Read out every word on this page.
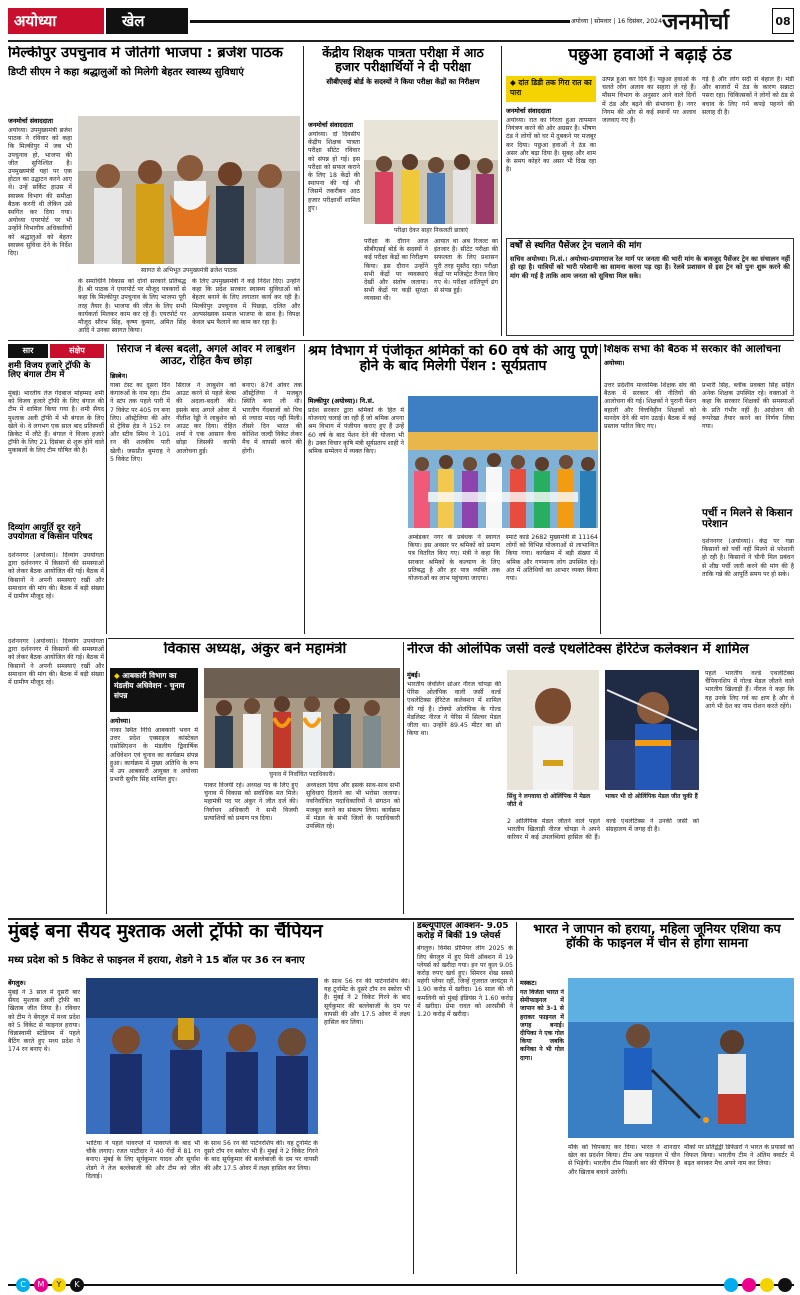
अयोध्या	खेल	अयोध्या | सोमवार | 16 दिसंबर, 2024 जनमोर्चा	08
मिल्कीपुर उपचुनाव में जीतेगी भाजपा : ब्रजेश पाठक
डिप्टी सीएम ने कहा श्रद्धालुओं को मिलेगी बेहतर स्वास्थ्य सुविधाएं
जनमोर्चा संवाददाता
अयोध्या। उपमुख्यमंत्री ब्रजेश पाठक ने रविवार को कहा कि मिल्कीपुर में जब भी उपचुनाव हो, भाजपा की जीत सुनिश्चित है। उपमुख्यमंत्री यहां पर एक होटल का उद्घाटन करने आए थे। उन्हें सर्किट हाउस में स्वास्थ्य विभाग की समीक्षा बैठक करनी थी लेकिन उसे स्थगित कर दिया गया। अयोध्या एयरपोर्ट पर भी उन्होंने विभागीय अधिकारियों को श्रद्धालुओं को बेहतर स्वास्थ्य सुविधा देने के निर्देश दिए।
स्वागत से अभिभूत उपमुख्यमंत्री ब्रजेश पाठक
के समाधिनि विकास को दोनों सरकारें प्रतिबद्ध हैं। श्री पाठक ने एयरपोर्ट पर मौजूद पत्रकारों से कहा कि मिल्कीपुर उपचुनाव के लिए भाजपा पूरी तरह तैयार है। भाजपा की जीत के लिए सभी कार्यकर्ता मिलकर काम कर रहे हैं। एयरपोर्ट पर मौजूद सौरभ सिंह, कृष्ण कुमार, अमित सिंह आदि ने उनका स्वागत किया।
के लिए उपमुख्यमंत्री ने कई निर्देश दिए। उन्होंने कहा कि प्रदेश सरकार स्वास्थ्य सुविधाओं को बेहतर बनाने के लिए लगातार कार्य कर रही है। मिल्कीपुर उपचुनाव में पिछड़ा, दलित और अल्पसंख्यक समाज भाजपा के साथ है। विपक्ष केवल भ्रम फैलाने का काम कर रहा है।
केंद्रीय शिक्षक पात्रता परीक्षा में आठ हजार परीक्षार्थियों ने दी परीक्षा
सीबीएसई बोर्ड के सदस्यों ने किया परीक्षा केंद्रों का निरीक्षण
जनमोर्चा संवाददाता
अयोध्या। दो दिवसीय केंद्रीय शिक्षक पात्रता परीक्षा सीटेट रविवार को संपन्न हो गई। इस परीक्षा को सफल कराने के लिए 18 केंद्रों की स्थापना की गई थी जिसमें तकरीबन आठ हजार परीक्षार्थी शामिल हुए।
परीक्षा देकर बाहर निकलती छात्राएं
परीक्षा के दौरान आज सीबीएसई बोर्ड के सदस्यों ने कई परीक्षा केंद्रों का निरीक्षण किया। इस दौरान उन्होंने सभी केंद्रों पर व्यवस्थाएं देखीं और संतोष जताया। सभी केंद्रों पर कड़ी सुरक्षा व्यवस्था थी।
आयात था अब रिजल्ट का इंतजार है। सीटेट परीक्षा की सफलता के लिए प्रशासन पूरी तरह मुस्तैद रहा। परीक्षा केंद्रों पर मजिस्ट्रेट तैनात किए गए थे। परीक्षा शांतिपूर्ण ढंग से संपन्न हुई।
पछुआ हवाओं ने बढ़ाई ठंड
◆ दांत डिडी तक गिरा रात का पारा
जनमोर्चा संवाददाता
अयोध्या। रात का गिरता हुआ तापमान नियंत्रण करने की ओर अग्रसर है। भीषण ठंड ने लोगों को घर में दुबकने पर मजबूर कर दिया। पछुआ हवाओं ने ठंड का असर और बढ़ा दिया है। सुबह और शाम के समय कोहरे का असर भी दिख रहा है।
उत्पन्न हुआ कर दिये हैं। पछुआ हवाओं के चलते लोग अलाव का सहारा ले रहे हैं। मौसम विभाग के अनुसार आने वाले दिनों में ठंड और बढ़ने की संभावना है। नगर निगम की ओर से कई स्थानों पर अलाव जलवाए गए हैं।
गई है और लोग सर्दी से बेहाल हैं। मंडी और बाजारों में ठंड के कारण सन्नाटा पसरा रहा। चिकित्सकों ने लोगों को ठंड से बचाव के लिए गर्म कपड़े पहनने की सलाह दी है।
वर्षों से स्थगित पैसेंजर ट्रेन चलाने की मांग
सचिव अयोध्या। नि.सं.। अयोध्या-प्रयागराज रेल मार्ग पर जनता की भारी मांग के बावजूद पैसेंजर ट्रेन का संचालन नहीं हो रहा है। यात्रियों को भारी परेशानी का सामना करना पड़ रहा है। रेलवे प्रशासन से इस ट्रेन को पुनः शुरू करने की मांग की गई है ताकि आम जनता को सुविधा मिल सके।
सार	संक्षेप
शमी विजय हजारे ट्रॉफी के लिए बंगाल टीम में
मुंबई। भारतीय तेज गेंदबाज मोहम्मद शमी को विजय हजारे ट्रॉफी के लिए बंगाल की टीम में शामिल किया गया है। शमी सैयद मुश्ताक अली ट्रॉफी में भी बंगाल के लिए खेले थे। वे लगभग एक साल बाद प्रतिस्पर्धी क्रिकेट में लौटे हैं। बंगाल ने विजय हजारे ट्रॉफी के लिए 21 दिसंबर से शुरू होने वाले मुकाबलों के लिए टीम घोषित की है।
दिव्यांग आयुर्ति दूर रहने उपयोगता व किसान परिषद
दर्शननगर (अयोध्या)। दिव्यांग उपयोगता द्वारा दर्शननगर में किसानों की समस्याओं को लेकर बैठक आयोजित की गई। बैठक में किसानों ने अपनी समस्याएं रखीं और समाधान की मांग की। बैठक में बड़ी संख्या में ग्रामीण मौजूद रहे।
सिराज ने बेल्स बदलीं, अगले ओवर में लाबुशेन आउट, रोहित कैच छोड़ा
ब्रिस्बेन।
गाबा टेस्ट का दूसरा दिन कंगारुओं के नाम रहा। टीम ने स्टंप तक पहले पारी में 7 विकेट पर 405 रन बना लिए। ऑस्ट्रेलिया की ओर से ट्रेविस हेड ने 152 रन और स्टीव स्मिथ ने 101 रन की शतकीय पारी खेली। जसप्रीत बुमराह ने 5 विकेट लिए।
सिराज ने लाबुशेन को आउट करने से पहले बेल्स की अदला-बदली की। इसके बाद अगले ओवर में नीतीश रेड्डी ने लाबुशेन को आउट कर दिया। रोहित शर्मा ने एक आसान कैच छोड़ा जिसकी काफी आलोचना हुई।
बनाए। 87वें ओवर तक ऑस्ट्रेलिया ने मजबूत स्थिति बना ली थी। भारतीय गेंदबाजों को पिच से ज्यादा मदद नहीं मिली। तीसरे दिन भारत की कोशिश जल्दी विकेट लेकर मैच में वापसी करने की होगी।
श्रम विभाग में पंजीकृत श्रमिकों को 60 वर्ष की आयु पूर्ण होने के बाद मिलेगी पेंशन : सूर्यप्रताप
मिल्कीपुर (अयोध्या)। नि.सं.
प्रदेश सरकार द्वारा श्रमिकों के हित में योजनाएं चलाई जा रही हैं जो श्रमिक अपना श्रम विभाग में पंजीयन कराए हुए हैं उन्हें 60 वर्ष के बाद पेंशन देने की योजना भी है। उक्त विचार कृषि मंत्री सूर्यप्रताप शाही ने श्रमिक सम्मेलन में व्यक्त किए।
अम्बेडकर नगर के प्रबंधक ने स्वागत किया। इस अवसर पर श्रमिकों को प्रमाण पत्र वितरित किए गए। मंत्री ने कहा कि सरकार श्रमिकों के कल्याण के लिए प्रतिबद्ध है और हर पात्र व्यक्ति तक योजनाओं का लाभ पहुंचाया जाएगा।
स्मार्ट कार्ड 2682 मुख्यमंत्री से 11164 लोगों को विभिन्न योजनाओं से लाभान्वित किया गया। कार्यक्रम में बड़ी संख्या में श्रमिक और गणमान्य लोग उपस्थित रहे। अंत में अतिथियों का आभार व्यक्त किया गया।
शिक्षक सभा की बैठक में सरकार की आलोचना
अयोध्या।
उत्तर प्रदेशीय माध्यमिक शिक्षक संघ की बैठक में सरकार की नीतियों की आलोचना की गई। शिक्षकों ने पुरानी पेंशन बहाली और वित्तविहीन शिक्षकों को मानदेय देने की मांग उठाई। बैठक में कई प्रस्ताव पारित किए गए।
प्रभारी सिंह, ब्लॉक प्रवक्ता सिंह सहित अनेक शिक्षक उपस्थित रहे। वक्ताओं ने कहा कि सरकार शिक्षकों की समस्याओं के प्रति गंभीर नहीं है। आंदोलन की रूपरेखा तैयार करने का निर्णय लिया गया।
पर्ची न मिलने से किसान परेशान
दर्शननगर (अयोध्या)। केंद्र पर गन्ना किसानों को पर्ची नहीं मिलने से परेशानी हो रही है। किसानों ने चीनी मिल प्रबंधन से शीघ्र पर्ची जारी करने की मांग की है ताकि गन्ने की आपूर्ति समय पर हो सके।
दर्शननगर (अयोध्या)। दिव्यांग उपयोगता द्वारा दर्शननगर में किसानों की समस्याओं को लेकर बैठक आयोजित की गई। बैठक में किसानों ने अपनी समस्याएं रखीं और समाधान की मांग की। बैठक में बड़ी संख्या में ग्रामीण मौजूद रहे।
विकास अध्यक्ष, अंकुर बने महामंत्री
◆ आबकारी विभाग का मंडलीय अधिवेशन - चुनाव संपन्न
अयोध्या।
नाका स्थित निधि आबकारी भवन में उत्तर प्रदेश एक्साइज कांस्टेबल एसोसिएशन के मंडलीय द्विवार्षिक अधिवेशन एवं चुनाव का कार्यक्रम संपन्न हुआ। कार्यक्रम में मुख्य अतिथि के रूप में उप आबकारी आयुक्त व अयोध्या प्रभारी सुधीर सिंह शामिल हुए।
चुनाव में निर्वाचित पदाधिकारी।
पाकर विजयी रहे। अध्यक्ष पद के लिए हुए चुनाव में विकास को सर्वाधिक मत मिले। महामंत्री पद पर अंकुर ने जीत दर्ज की। निर्वाचन अधिकारी ने सभी विजयी प्रत्याशियों को प्रमाण पत्र दिया।
अध्यक्षता दिया और इसके साथ-साथ सभी सुविधाएं दिलाने का भी भरोसा जताया। नवनिर्वाचित पदाधिकारियों ने संगठन को मजबूत करने का संकल्प लिया। कार्यक्रम में मंडल के सभी जिलों के पदाधिकारी उपस्थित रहे।
नीरज की ओलंपिक जर्सी वर्ल्ड एथलेटिक्स हेरिटेज कलेक्शन में शामिल
मुंबई।
भारतीय जेवलिन थ्रोअर नीरज चोपड़ा की पेरिस ओलंपिक वाली जर्सी वर्ल्ड एथलेटिक्स हेरिटेज कलेक्शन में शामिल की गई है। टोक्यो ओलंपिक के गोल्ड मेडलिस्ट नीरज ने पेरिस में सिल्वर मेडल जीता था। उन्होंने 89.45 मीटर का थ्रो किया था।
सिंधु ने लगवाया दो ओलिंपिक में मेडल जीते थे
भाकर भी दो ओलिंपिक मेडल जीत चुकी हैं
2 ओलिंपिक मेडल जीतने वाले पहले भारतीय खिलाड़ी नीरज चोपड़ा ने अपने करियर में कई उपलब्धियां हासिल की हैं। वर्ल्ड एथलेटिक्स ने उनकी जर्सी को संग्रहालय में जगह दी है।
पहले भारतीय वर्ल्ड एथलेटिक्स चैंपियनशिप में गोल्ड मेडल जीतने वाले भारतीय खिलाड़ी हैं। नीरज ने कहा कि यह उनके लिए गर्व का क्षण है और वे आगे भी देश का नाम रोशन करते रहेंगे।
मुंबई बना सैयद मुश्ताक अली ट्रॉफी का चैंपियन
मध्य प्रदेश को 5 विकेट से फाइनल में हराया, शेडगे ने 15 बॉल पर 36 रन बनाए
बेंगलुरु।
मुंबई ने 3 साल में दूसरी बार सैयद मुश्ताक अली ट्रॉफी का खिताब जीत लिया है। रविवार को टीम ने बेंगलुरु में मध्य प्रदेश को 5 विकेट से फाइनल हराया। चिन्नास्वामी स्टेडियम में पहले बैटिंग करते हुए मध्य प्रदेश ने 174 रन बनाए थे।
भाटिया ने पहले पावरप्ले में पावरप्ले के बाद भी चौके लगाए। रजत पाटीदार ने 40 गेंदों में 81 रन बनाए। मुंबई के लिए सूर्यकुमार यादव और सूर्यांश शेडगे ने तेज बल्लेबाजी की और टीम को जीत दिलाई।
के साथ 56 रन की पार्टनरशिप की। यह टूर्नामेंट के दूसरे टॉप रन स्कोरर भी हैं। मुंबई ने 2 विकेट गिरने के बाद सूर्यकुमार की बल्लेबाजी के दम पर वापसी की और 17.5 ओवर में लक्ष्य हासिल कर लिया।
के साथ 56 रन की पार्टनरशिप की। यह टूर्नामेंट के दूसरे टॉप रन स्कोरर भी हैं। मुंबई ने 2 विकेट गिरने के बाद सूर्यकुमार की बल्लेबाजी के दम पर वापसी की और 17.5 ओवर में लक्ष्य हासिल कर लिया।
डब्ल्यूपीएल ऑक्शन- 9.05 करोड़ में बिकीं 19 प्लेयर्स
बेंगलुरु। विमेंस प्रीमियर लीग 2025 के लिए बेंगलुरु में हुए मिनी ऑक्शन में 19 प्लेयर्स को खरीदा गया। इन पर कुल 9.05 करोड़ रुपए खर्च हुए। सिमरन शेख सबसे महंगी प्लेयर रहीं, जिन्हें गुजरात जायंट्स ने 1.90 करोड़ में खरीदा। 16 साल की जी कमलिनी को मुंबई इंडियंस ने 1.60 करोड़ में खरीदा। प्रेमा रावत को आरसीबी ने 1.20 करोड़ में खरीदा।
भारत ने जापान को हराया, महिला जूनियर एशिया कप हॉकी के फाइनल में चीन से होगा सामना
मस्कट।
गत विजेता भारत ने सेमीफाइनल में जापान को 3-1 से हराकर फाइनल में जगह बनाई। दीपिका ने एक गोल किया जबकि कनिका ने भी गोल दागा।
मौके को चिपकाए कर दिया। भारत ने शानदार खेल का प्रदर्शन किया। टीम अब फाइनल में चीन से भिड़ेगी। भारतीय टीम पिछली बार की चैंपियन है और खिताब बचाने उतरेगी।
मौकों पर प्रतिद्वंद्वी डिफेंडरों ने भारत के प्रयासों को विफल किया। भारतीय टीम ने अंतिम क्वार्टर में बढ़त बनाकर मैच अपने नाम कर लिया।
C	M	Y	K
